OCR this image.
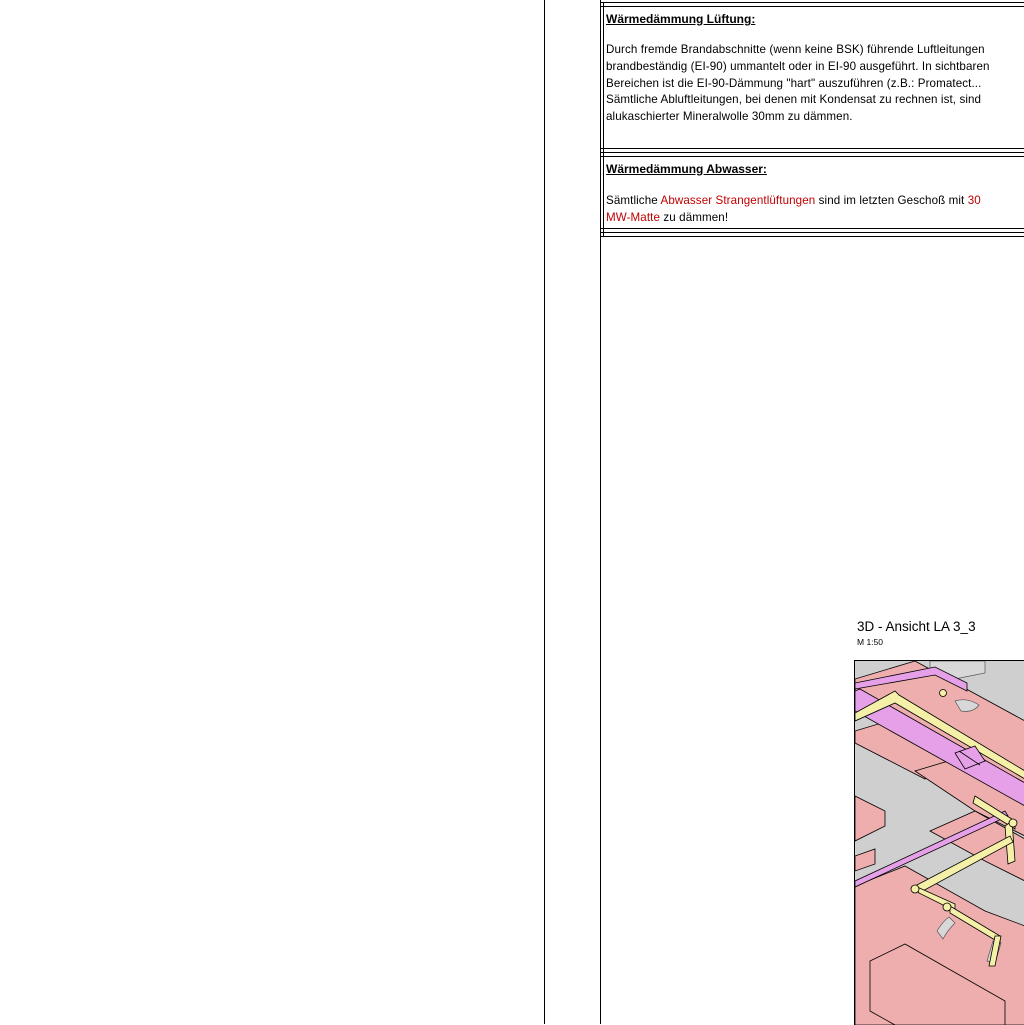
Wärmedämmung Lüftung:
Durch fremde Brandabschnitte (wenn keine BSK) führende Luftleitungen
brandbeständig (EI-90) ummantelt oder in EI-90 ausgeführt. In sichtbaren
Bereichen ist die EI-90-Dämmung "hart" auszuführen (z.B.: Promatect...
Sämtliche Abluftleitungen, bei denen mit Kondensat zu rechnen ist, sind
alukaschierter Mineralwolle 30mm zu dämmen.
Wärmedämmung Abwasser:
Sämtliche Abwasser Strangentlüftungen sind im letzten Geschoß mit 30
MW-Matte zu dämmen!
3D - Ansicht LA 3_3
M 1:50
